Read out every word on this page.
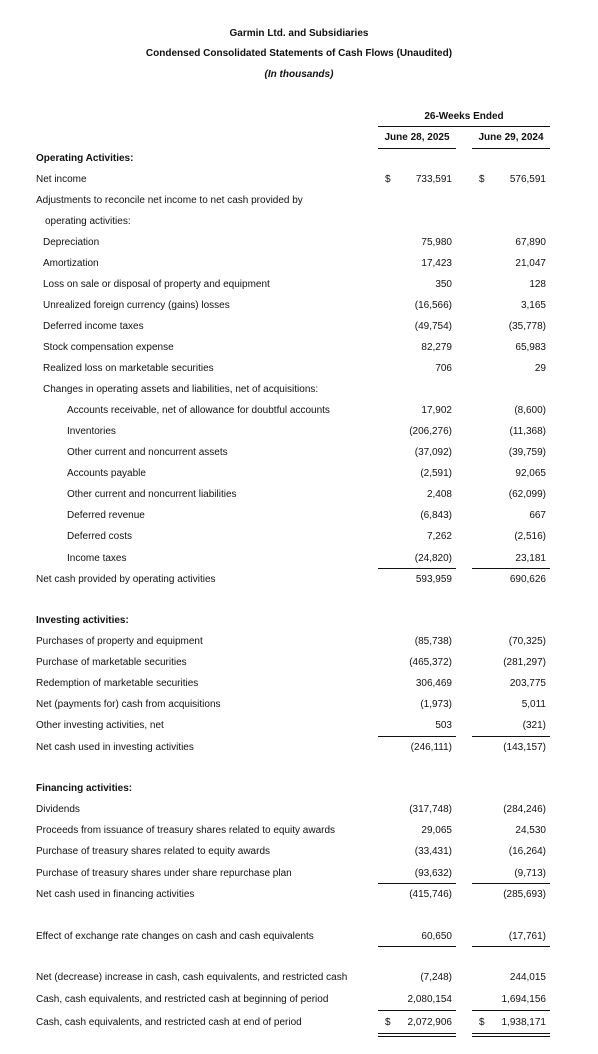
Garmin Ltd. and Subsidiaries
Condensed Consolidated Statements of Cash Flows (Unaudited)
(In thousands)
26-Weeks Ended
June 28, 2025	June 29, 2024
Operating Activities:
Net income	$	733,591	$	576,591
Adjustments to reconcile net income to net cash provided by
operating activities:
Depreciation	75,980	67,890
Amortization	17,423	21,047
Loss on sale or disposal of property and equipment	350	128
Unrealized foreign currency (gains) losses	(16,566)	3,165
Deferred income taxes	(49,754)	(35,778)
Stock compensation expense	82,279	65,983
Realized loss on marketable securities	706	29
Changes in operating assets and liabilities, net of acquisitions:
Accounts receivable, net of allowance for doubtful accounts	17,902	(8,600)
Inventories	(206,276)	(11,368)
Other current and noncurrent assets	(37,092)	(39,759)
Accounts payable	(2,591)	92,065
Other current and noncurrent liabilities	2,408	(62,099)
Deferred revenue	(6,843)	667
Deferred costs	7,262	(2,516)
Income taxes	(24,820)	23,181
Net cash provided by operating activities	593,959	690,626
Investing activities:
Purchases of property and equipment	(85,738)	(70,325)
Purchase of marketable securities	(465,372)	(281,297)
Redemption of marketable securities	306,469	203,775
Net (payments for) cash from acquisitions	(1,973)	5,011
Other investing activities, net	503	(321)
Net cash used in investing activities	(246,111)	(143,157)
Financing activities:
Dividends	(317,748)	(284,246)
Proceeds from issuance of treasury shares related to equity awards	29,065	24,530
Purchase of treasury shares related to equity awards	(33,431)	(16,264)
Purchase of treasury shares under share repurchase plan	(93,632)	(9,713)
Net cash used in financing activities	(415,746)	(285,693)
Effect of exchange rate changes on cash and cash equivalents	60,650	(17,761)
Net (decrease) increase in cash, cash equivalents, and restricted cash	(7,248)	244,015
Cash, cash equivalents, and restricted cash at beginning of period	2,080,154	1,694,156
Cash, cash equivalents, and restricted cash at end of period	$ 2,072,906	$ 1,938,171
